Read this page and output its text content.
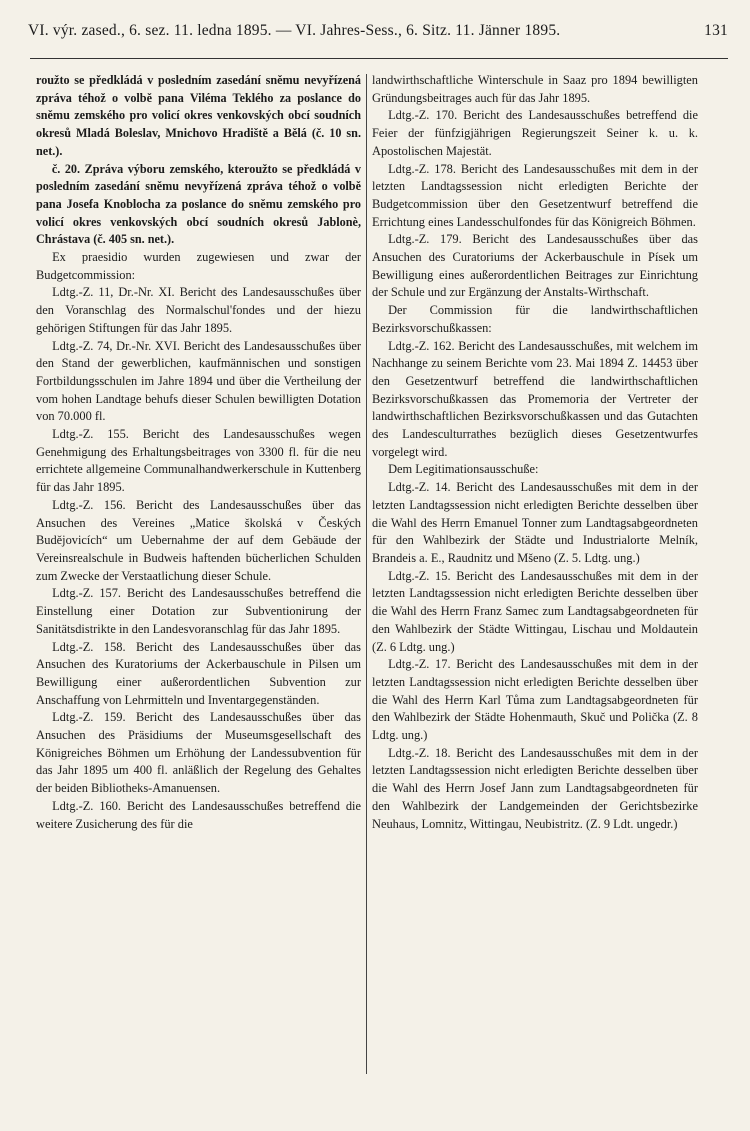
VI. výr. zased., 6. sez. 11. ledna 1895. — VI. Jahres-Sess., 6. Sitz. 11. Jänner 1895.	131

roužto se předkládá v posledním zasedání sněmu nevyřízená zpráva téhož o volbě pana Viléma Teklého za poslance do sněmu zemského pro volicí okres venkovských obcí soudních okresů Mladá Boleslav, Mnichovo Hradiště a Bělá (č. 10 sn. net.).

č. 20. Zpráva výboru zemského, kteroužto se předkládá v posledním zasedání sněmu nevyřízená zpráva téhož o volbě pana Josefa Knoblocha za poslance do sněmu zemského pro volicí okres venkovských obcí soudních okresů Jablonè, Chrástava (č. 405 sn. net.).

Ex praesidio wurden zugewiesen und zwar der Budgetcommission:

Ldtg.-Z. 11, Dr.-Nr. XI. Bericht des Landesausschußes über den Voranschlag des Normalschul'fondes und der hiezu gehörigen Stiftungen für das Jahr 1895.

Ldtg.-Z. 74, Dr.-Nr. XVI. Bericht des Landesausschußes über den Stand der gewerblichen, kaufmännischen und sonstigen Fortbildungsschulen im Jahre 1894 und über die Vertheilung der vom hohen Landtage behufs dieser Schulen bewilligten Dotation von 70.000 fl.

Ldtg.-Z. 155. Bericht des Landesausschußes wegen Genehmigung des Erhaltungsbeitrages von 3300 fl. für die neu errichtete allgemeine Communalhandwerkerschule in Kuttenberg für das Jahr 1895.

Ldtg.-Z. 156. Bericht des Landesausschußes über das Ansuchen des Vereines „Matice školská v Českých Budějovicích“ um Uebernahme der auf dem Gebäude der Vereinsrealschule in Budweis haftenden bücherlichen Schulden zum Zwecke der Verstaatlichung dieser Schule.

Ldtg.-Z. 157. Bericht des Landesausschußes betreffend die Einstellung einer Dotation zur Subventionirung der Sanitätsdistrikte in den Landesvoranschlag für das Jahr 1895.

Ldtg.-Z. 158. Bericht des Landesausschußes über das Ansuchen des Kuratoriums der Ackerbauschule in Pilsen um Bewilligung einer außerordentlichen Subvention zur Anschaffung von Lehrmitteln und Inventargegenständen.

Ldtg.-Z. 159. Bericht des Landesausschußes über das Ansuchen des Präsidiums der Museumsgesellschaft des Königreiches Böhmen um Erhöhung der Landessubvention für das Jahr 1895 um 400 fl. anläßlich der Regelung des Gehaltes der beiden Bibliotheks-Amanuensen.

Ldtg.-Z. 160. Bericht des Landesausschußes betreffend die weitere Zusicherung des für die

landwirthschaftliche Winterschule in Saaz pro 1894 bewilligten Gründungsbeitrages auch für das Jahr 1895.

Ldtg.-Z. 170. Bericht des Landesausschußes betreffend die Feier der fünfzigjährigen Regierungszeit Seiner k. u. k. Apostolischen Majestät.

Ldtg.-Z. 178. Bericht des Landesausschußes mit dem in der letzten Landtagssession nicht erledigten Berichte der Budgetcommission über den Gesetzentwurf betreffend die Errichtung eines Landesschulfondes für das Königreich Böhmen.

Ldtg.-Z. 179. Bericht des Landesausschußes über das Ansuchen des Curatoriums der Ackerbauschule in Písek um Bewilligung eines außerordentlichen Beitrages zur Einrichtung der Schule und zur Ergänzung der Anstalts-Wirthschaft.

Der Commission für die landwirthschaftlichen Bezirksvorschußkassen:

Ldtg.-Z. 162. Bericht des Landesausschußes, mit welchem im Nachhange zu seinem Berichte vom 23. Mai 1894 Z. 14453 über den Gesetzentwurf betreffend die landwirthschaftlichen Bezirksvorschußkassen das Promemoria der Vertreter der landwirthschaftlichen Bezirksvorschußkassen und das Gutachten des Landesculturrathes bezüglich dieses Gesetzentwurfes vorgelegt wird.

Dem Legitimationsausschuße:

Ldtg.-Z. 14. Bericht des Landesausschußes mit dem in der letzten Landtagssession nicht erledigten Berichte desselben über die Wahl des Herrn Emanuel Tonner zum Landtagsabgeordneten für den Wahlbezirk der Städte und Industrialorte Melník, Brandeis a. E., Raudnitz und Mšeno (Z. 5. Ldtg. ung.)

Ldtg.-Z. 15. Bericht des Landesausschußes mit dem in der letzten Landtagssession nicht erledigten Berichte desselben über die Wahl des Herrn Franz Samec zum Landtagsabgeordneten für den Wahlbezirk der Städte Wittingau, Lischau und Moldautein (Z. 6 Ldtg. ung.)

Ldtg.-Z. 17. Bericht des Landesausschußes mit dem in der letzten Landtagssession nicht erledigten Berichte desselben über die Wahl des Herrn Karl Tůma zum Landtagsabgeordneten für den Wahlbezirk der Städte Hohenmauth, Skuč und Polička (Z. 8 Ldtg. ung.)

Ldtg.-Z. 18. Bericht des Landesausschußes mit dem in der letzten Landtagssession nicht erledigten Berichte desselben über die Wahl des Herrn Josef Jann zum Landtagsabgeordneten für den Wahlbezirk der Landgemeinden der Gerichtsbezirke Neuhaus, Lomnitz, Wittingau, Neubistritz. (Z. 9 Ldt. ungedr.)
